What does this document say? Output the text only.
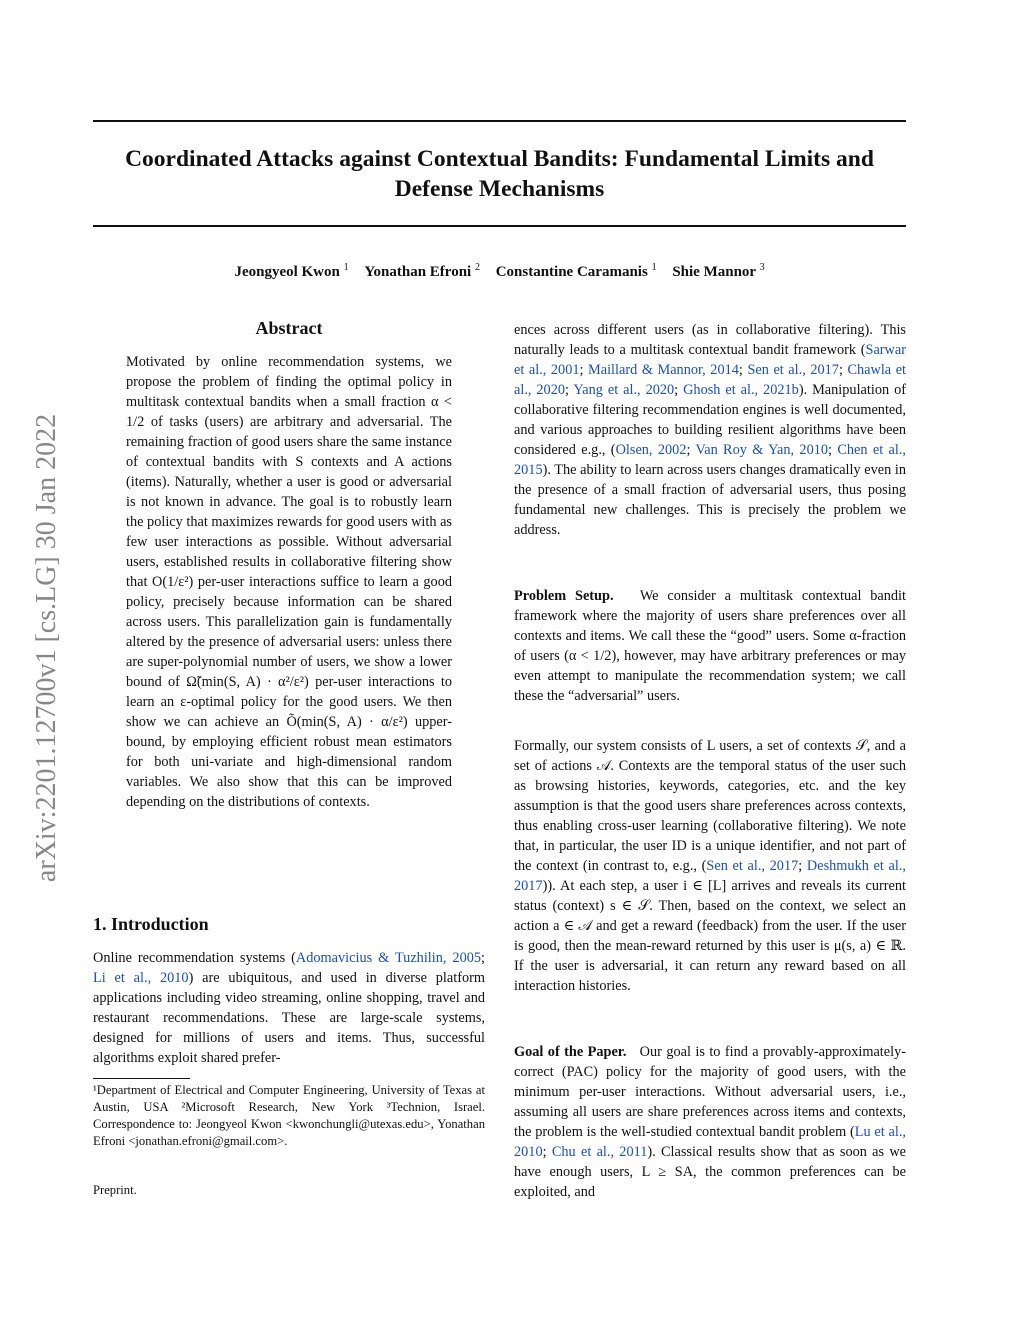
Coordinated Attacks against Contextual Bandits: Fundamental Limits and Defense Mechanisms
Jeongyeol Kwon $^1$ Yonathan Efroni $^2$ Constantine Caramanis $^1$ Shie Mannor $^3$
arXiv:2201.12700v1 [cs.LG] 30 Jan 2022
Abstract

Motivated by online recommendation systems, we propose the problem of finding the optimal policy in multitask contextual bandits when a small fraction α < 1/2 of tasks (users) are arbitrary and adversarial. The remaining fraction of good users share the same instance of contextual bandits with S contexts and A actions (items). Naturally, whether a user is good or adversarial is not known in advance. The goal is to robustly learn the policy that maximizes rewards for good users with as few user interactions as possible. Without adversarial users, established results in collaborative filtering show that O(1/ε²) per-user interactions suffice to learn a good policy, precisely because information can be shared across users. This parallelization gain is fundamentally altered by the presence of adversarial users: unless there are super-polynomial number of users, we show a lower bound of Ω̃(min(S, A) · α²/ε²) per-user interactions to learn an ε-optimal policy for the good users. We then show we can achieve an Õ(min(S, A) · α/ε²) upper-bound, by employing efficient robust mean estimators for both uni-variate and high-dimensional random variables. We also show that this can be improved depending on the distributions of contexts.

1. Introduction

Online recommendation systems (Adomavicius & Tuzhilin, 2005; Li et al., 2010) are ubiquitous, and used in diverse platform applications including video streaming, online shopping, travel and restaurant recommendations. These are large-scale systems, designed for millions of users and items. Thus, successful algorithms exploit shared prefer-

¹Department of Electrical and Computer Engineering, University of Texas at Austin, USA ²Microsoft Research, New York ³Technion, Israel. Correspondence to: Jeongyeol Kwon <kwonchungli@utexas.edu>, Yonathan Efroni <jonathan.efroni@gmail.com>.

Preprint.

ences across different users (as in collaborative filtering). This naturally leads to a multitask contextual bandit framework (Sarwar et al., 2001; Maillard & Mannor, 2014; Sen et al., 2017; Chawla et al., 2020; Yang et al., 2020; Ghosh et al., 2021b). Manipulation of collaborative filtering recommendation engines is well documented, and various approaches to building resilient algorithms have been considered e.g., (Olsen, 2002; Van Roy & Yan, 2010; Chen et al., 2015). The ability to learn across users changes dramatically even in the presence of a small fraction of adversarial users, thus posing fundamental new challenges. This is precisely the problem we address.

Problem Setup. We consider a multitask contextual bandit framework where the majority of users share preferences over all contexts and items. We call these the “good” users. Some α-fraction of users (α < 1/2), however, may have arbitrary preferences or may even attempt to manipulate the recommendation system; we call these the “adversarial” users.

Formally, our system consists of L users, a set of contexts 𝒮, and a set of actions 𝒜. Contexts are the temporal status of the user such as browsing histories, keywords, categories, etc. and the key assumption is that the good users share preferences across contexts, thus enabling cross-user learning (collaborative filtering). We note that, in particular, the user ID is a unique identifier, and not part of the context (in contrast to, e.g., (Sen et al., 2017; Deshmukh et al., 2017)). At each step, a user i ∈ [L] arrives and reveals its current status (context) s ∈ 𝒮. Then, based on the context, we select an action a ∈ 𝒜 and get a reward (feedback) from the user. If the user is good, then the mean-reward returned by this user is μ(s, a) ∈ ℝ. If the user is adversarial, it can return any reward based on all interaction histories.

Goal of the Paper. Our goal is to find a provably-approximately-correct (PAC) policy for the majority of good users, with the minimum per-user interactions. Without adversarial users, i.e., assuming all users are share preferences across items and contexts, the problem is the well-studied contextual bandit problem (Lu et al., 2010; Chu et al., 2011). Classical results show that as soon as we have enough users, L ≥ SA, the common preferences can be exploited, and
